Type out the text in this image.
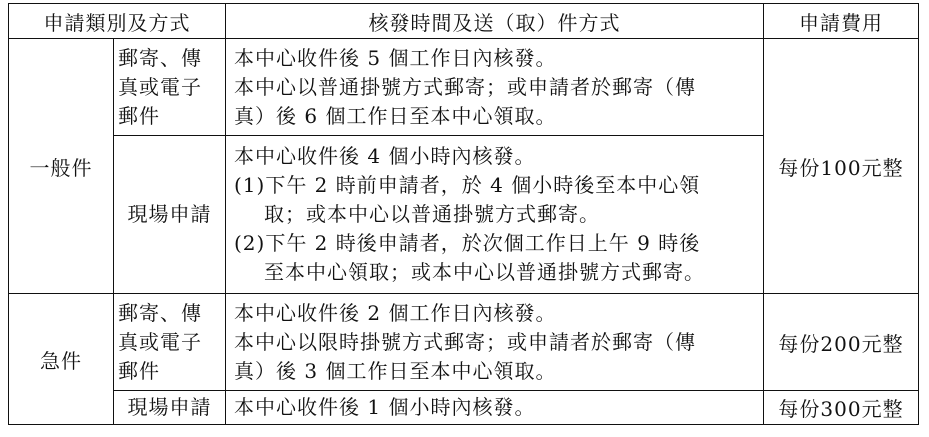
申請類別及方式		核發時間及送（取）件方式	申請費用
一般件	郵寄、傳
真或電子
郵件	本中心收件後 5 個工作日內核發。
本中心以普通掛號方式郵寄；或申請者於郵寄（傳
真）後 6 個工作日至本中心領取。	每份100元整
	現場申請	本中心收件後 4 個小時內核發。
(1)下午 2 時前申請者，於 4 個小時後至本中心領
取；或本中心以普通掛號方式郵寄。
(2)下午 2 時後申請者，於次個工作日上午 9 時後
至本中心領取；或本中心以普通掛號方式郵寄。	

急件	郵寄、傳
真或電子
郵件	本中心收件後 2 個工作日內核發。
本中心以限時掛號方式郵寄；或申請者於郵寄（傳
真）後 3 個工作日至本中心領取。	每份200元整
	現場申請	本中心收件後 1 個小時內核發。	每份300元整
